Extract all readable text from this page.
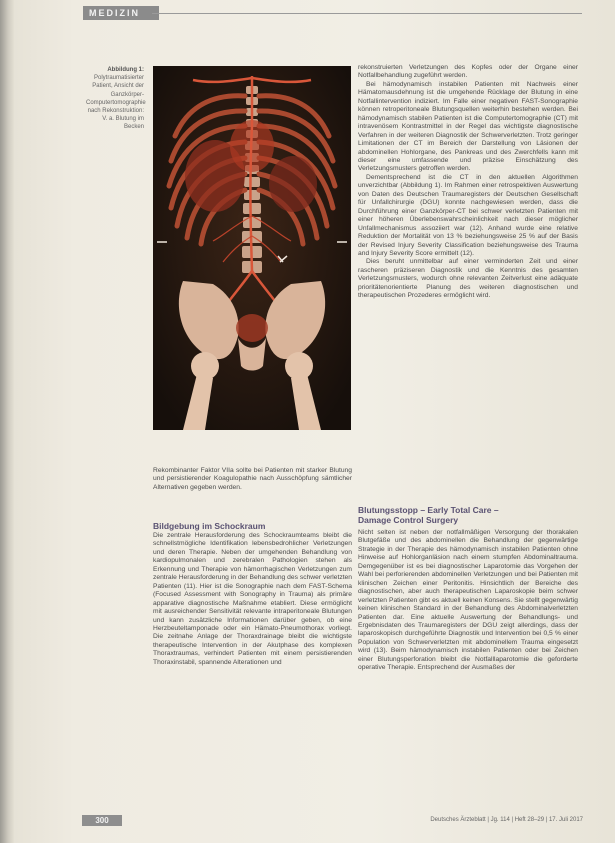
MEDIZIN
Abbildung 1:
Polytraumatisierter Patient, Ansicht der Ganzkörper-Computertomographie nach Rekonstruktion: V. a. Blutung im Becken

rekonstruierten Verletzungen des Kopfes oder der Organe einer Notfallbehandlung zugeführt werden.

Bei hämodynamisch instabilen Patienten mit Nachweis einer Hämatomausdehnung ist die umgehende Rücklage der Blutung in eine Notfallintervention indiziert. Im Falle einer negativen FAST-Sonographie können retroperitoneale Blutungsquellen weiterhin bestehen werden. Bei hämodynamisch stabilen Patienten ist die Computertomographie (CT) mit intravenösem Kontrastmittel in der Regel das wichtigste diagnostische Verfahren in der weiteren Diagnostik der Schwerverletzten. Trotz geringer Limitationen der CT im Bereich der Darstellung von Läsionen der abdominellen Hohlorgane, des Pankreas und des Zwerchfells kann mit dieser eine umfassende und präzise Einschätzung des Verletzungsmusters getroffen werden.

Dementsprechend ist die CT in den aktuellen Algorithmen unverzichtbar (Abbildung 1). Im Rahmen einer retrospektiven Auswertung von Daten des Deutschen Traumaregisters der Deutschen Gesellschaft für Unfallchirurgie (DGU) konnte nachgewiesen werden, dass die Durchführung einer Ganzkörper-CT bei schwer verletzten Patienten mit einer höheren Überlebenswahrscheinlichkeit nach dieser möglicher Unfallmechanismus assoziiert war (12). Anhand wurde eine relative Reduktion der Mortalität von 13 % beziehungsweise 25 % auf der Basis der Revised Injury Severity Classification beziehungsweise des Trauma and Injury Severity Score ermittelt (12).

Dies beruht unmittelbar auf einer verminderten Zeit und einer rascheren präziseren Diagnostik und die Kenntnis des gesamten Verletzungsmusters, wodurch ohne relevanten Zeitverlust eine adäquate prioritätenorientierte Planung des weiteren diagnostischen und therapeutischen Prozederes ermöglicht wird.

Rekombinanter Faktor VIIa sollte bei Patienten mit starker Blutung und persistierender Koagulopathie nach Ausschöpfung sämtlicher Alternativen gegeben werden.

Bildgebung im Schockraum

Die zentrale Herausforderung des Schockraumteams bleibt die schnellstmögliche Identifikation lebensbedrohlicher Verletzungen und deren Therapie. Neben der umgehenden Behandlung von kardiopulmonalen und zerebralen Pathologien stehen als Erkennung und Therapie von hämorrhagischen Verletzungen zum zentrale Herausforderung in der Behandlung des schwer verletzten Patienten (11). Hier ist die Sonographie nach dem FAST-Schema (Focused Assessment with Sonography in Trauma) als primäre apparative diagnostische Maßnahme etabliert. Diese ermöglicht mit ausreichender Sensitivität relevante intraperitoneale Blutungen und kann zusätzliche Informationen darüber geben, ob eine Herzbeuteltamponade oder ein Hämato-Pneumothorax vorliegt. Die zeitnahe Anlage der Thoraxdrainage bleibt die wichtigste therapeutische Intervention in der Akutphase des komplexen Thoraxtraumas, verhindert Patienten mit einem persistierenden Thoraxinstabil, spannende Alterationen und

Blutungsstopp – Early Total Care –
Damage Control Surgery

Nicht selten ist neben der notfallmäßigen Versorgung der thorakalen Blutgefäße und des abdominellen die Behandlung der gegenwärtige Strategie in der Therapie des hämodynamisch instabilen Patienten ohne Hinweise auf Hohlorganläsion nach einem stumpfen Abdominaltrauma. Demgegenüber ist es bei diagnostischer Laparotomie das Vorgehen der Wahl bei perforierenden abdominellen Verletzungen und bei Patienten mit klinischen Zeichen einer Peritonitis. Hinsichtlich der Bereiche des diagnostischen, aber auch therapeutischen Laparoskopie beim schwer verletzten Patienten gibt es aktuell keinen Konsens. Sie stellt gegenwärtig keinen klinischen Standard in der Behandlung des Abdominalverletzten Patienten dar. Eine aktuelle Auswertung der Behandlungs- und Ergebnisdaten des Traumaregisters der DGU zeigt allerdings, dass der laparoskopisch durchgeführte Diagnostik und Intervention bei 0,5 % einer Population von Schwerverletzten mit abdominellem Trauma eingesetzt wird (13). Beim hämodynamisch instabilen Patienten oder bei Zeichen einer Blutungsperforation bleibt die Notfalllaparotomie die geforderte operative Therapie. Entsprechend der Ausmaßes der

300	Deutsches Ärzteblatt | Jg. 114 | Heft 28–29 | 17. Juli 2017
